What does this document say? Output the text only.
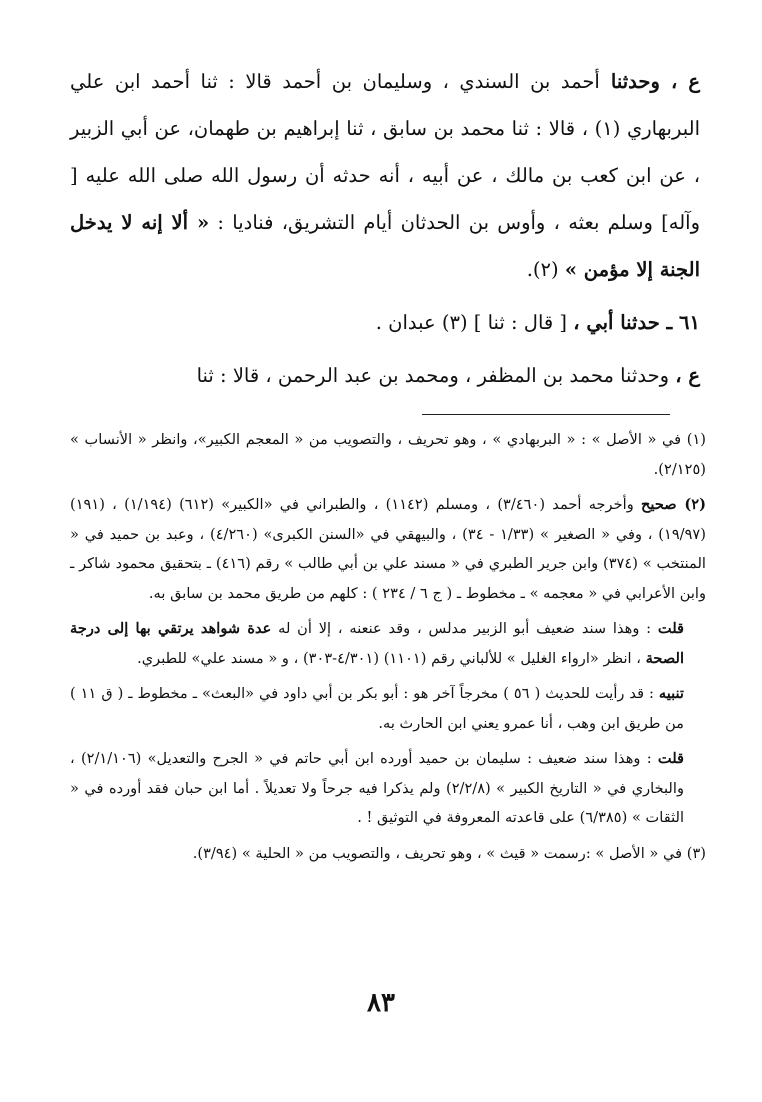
ع ، وحدثنا أحمد بن السندي ، وسليمان بن أحمد قالا : ثنا أحمد ابن علي البربهاري (١) ، قالا : ثنا محمد بن سابق ، ثنا إبراهيم بن طهمان، عن أبي الزبير ، عن ابن كعب بن مالك ، عن أبيه ، أنه حدثه أن رسول الله صلى الله عليه [ وآله] وسلم بعثه ، وأوس بن الحدثان أيام التشريق، فناديا : « ألا إنه لا يدخل الجنة إلا مؤمن » (٢).

٦١ ـ حدثنا أبي ، [ قال : ثنا ] (٣) عبدان .

ع ، وحدثنا محمد بن المظفر ، ومحمد بن عبد الرحمن ، قالا : ثنا

(١) في « الأصل » : « البربهادي » ، وهو تحريف ، والتصويب من « المعجم الكبير»، وانظر « الأنساب » (٢/١٢٥).

(٢) صحيح وأخرجه أحمد (٣/٤٦٠) ، ومسلم (١١٤٢) ، والطبراني في «الكبير» (٦١٢) (١/١٩٤) ، (١٩١) (١٩/٩٧) ، وفي « الصغير » (١/٣٣ - ٣٤) ، والبيهقي في «السنن الكبرى» (٤/٢٦٠) ، وعبد بن حميد في « المنتخب » (٣٧٤) وابن جرير الطبري في « مسند علي بن أبي طالب » رقم (٤١٦) ـ بتحقيق محمود شاكر ـ وابن الأعرابي في « معجمه » ـ مخطوط ـ ( ج ٦ / ٢٣٤ ) : كلهم من طريق محمد بن سابق به.

قلت : وهذا سند ضعيف أبو الزبير مدلس ، وقد عنعنه ، إلا أن له عدة شواهد يرتقي بها إلى درجة الصحة ، انظر «ارواء الغليل » للألباني رقم (١١٠١) (٤/٣٠١-٣٠٣) ، و « مسند علي» للطبري.

تنبيه : قد رأيت للحديث ( ٥٦ ) مخرجاً آخر هو : أبو بكر بن أبي داود في «البعث» ـ مخطوط ـ ( ق ١١ ) من طريق ابن وهب ، أنا عمرو يعني ابن الحارث به.

قلت : وهذا سند ضعيف : سليمان بن حميد أورده ابن أبي حاتم في « الجرح والتعديل» (٢/١/١٠٦) ، والبخاري في « التاريخ الكبير » (٢/٢/٨) ولم يذكرا فيه جرحاً ولا تعديلاً . أما ابن حبان فقد أورده في « الثقات » (٦/٣٨٥) على قاعدته المعروفة في التوثيق ! .

(٣) في « الأصل » :رسمت « قيث » ، وهو تحريف ، والتصويب من « الحلية » (٣/٩٤).

٨٣
